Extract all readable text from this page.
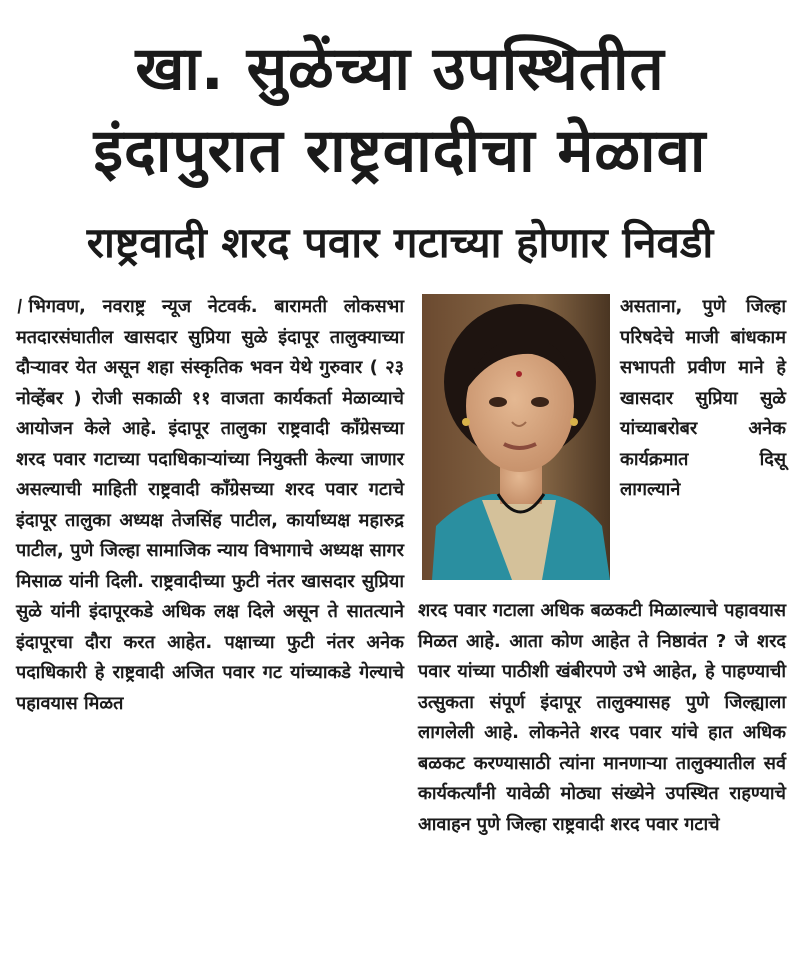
खा. सुळेंच्या उपस्थितीत
इंदापुरात राष्ट्रवादीचा मेळावा
राष्ट्रवादी शरद पवार गटाच्या होणार निवडी
\भिगवण, नवराष्ट्र न्यूज नेटवर्क. बारामती लोकसभा मतदारसंघातील खासदार सुप्रिया सुळे इंदापूर तालुक्याच्या दौऱ्यावर येत असून शहा संस्कृतिक भवन येथे गुरुवार ( २३ नोव्हेंबर ) रोजी सकाळी ११ वाजता कार्यकर्ता मेळाव्याचे आयोजन केले आहे. इंदापूर तालुका राष्ट्रवादी कॉंग्रेसच्या शरद पवार गटाच्या पदाधिकाऱ्यांच्या नियुक्ती केल्या जाणार असल्याची माहिती राष्ट्रवादी कॉंग्रेसच्या शरद पवार गटाचे इंदापूर तालुका अध्यक्ष तेजसिंह पाटील, कार्याध्यक्ष महारुद्र पाटील, पुणे जिल्हा सामाजिक न्याय विभागाचे अध्यक्ष सागर मिसाळ यांनी दिली. राष्ट्रवादीच्या फुटी नंतर खासदार सुप्रिया सुळे यांनी इंदापूरकडे अधिक लक्ष दिले असून ते सातत्याने इंदापूरचा दौरा करत आहेत. पक्षाच्या फुटी नंतर अनेक पदाधिकारी हे राष्ट्रवादी अजित पवार गट यांच्याकडे गेल्याचे पहावयास मिळत
असताना, पुणे जिल्हा परिषदेचे माजी बांधकाम सभापती प्रवीण माने हे खासदार सुप्रिया सुळे यांच्याबरोबर अनेक कार्यक्रमात दिसू लागल्याने
शरद पवार गटाला अधिक बळकटी मिळाल्याचे पहावयास मिळत आहे. आता कोण आहेत ते निष्ठावंत ? जे शरद पवार यांच्या पाठीशी खंबीरपणे उभे आहेत, हे पाहण्याची उत्सुकता संपूर्ण इंदापूर तालुक्यासह पुणे जिल्ह्याला लागलेली आहे. लोकनेते शरद पवार यांचे हात अधिक बळकट करण्यासाठी त्यांना मानणाऱ्या तालुक्यातील सर्व कार्यकर्त्यांनी यावेळी मोठ्या संख्येने उपस्थित राहण्याचे आवाहन पुणे जिल्हा राष्ट्रवादी शरद पवार गटाचे
